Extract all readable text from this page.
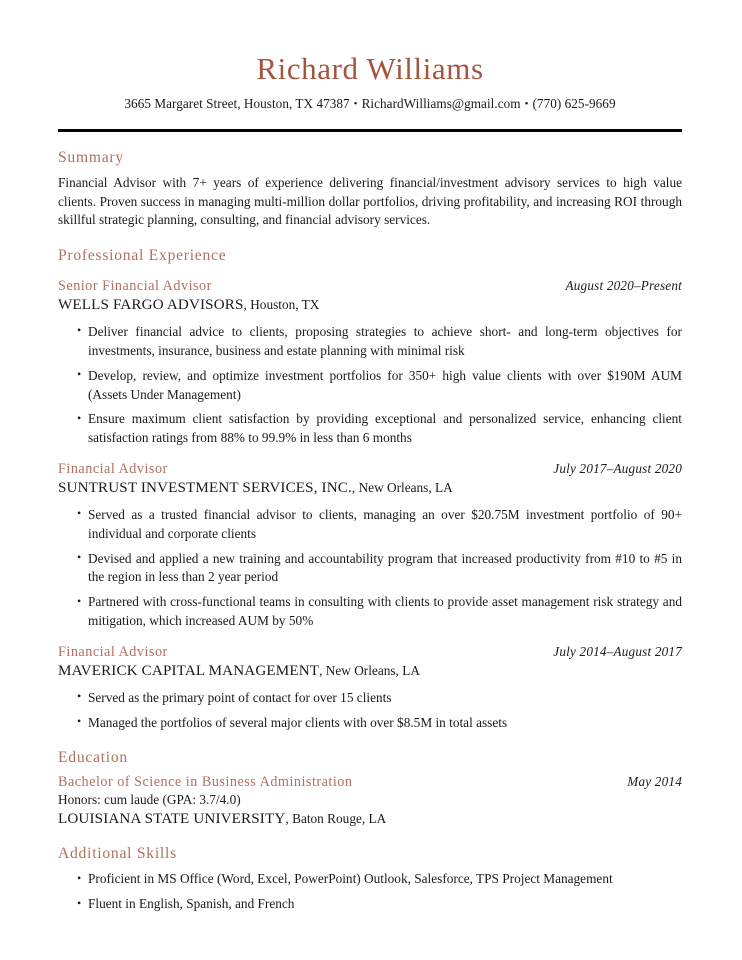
Richard Williams
3665 Margaret Street, Houston, TX 47387 • RichardWilliams@gmail.com • (770) 625-9669
Summary

Financial Advisor with 7+ years of experience delivering financial/investment advisory services to high value clients. Proven success in managing multi-million dollar portfolios, driving profitability, and increasing ROI through skillful strategic planning, consulting, and financial advisory services.

Professional Experience
Senior Financial Advisor	August 2020–Present
WELLS FARGO ADVISORS, Houston, TX
• Deliver financial advice to clients, proposing strategies to achieve short- and long-term objectives for investments, insurance, business and estate planning with minimal risk
• Develop, review, and optimize investment portfolios for 350+ high value clients with over $190M AUM (Assets Under Management)
• Ensure maximum client satisfaction by providing exceptional and personalized service, enhancing client satisfaction ratings from 88% to 99.9% in less than 6 months
Financial Advisor	July 2017–August 2020
SUNTRUST INVESTMENT SERVICES, INC., New Orleans, LA
• Served as a trusted financial advisor to clients, managing an over $20.75M investment portfolio of 90+ individual and corporate clients
• Devised and applied a new training and accountability program that increased productivity from #10 to #5 in the region in less than 2 year period
• Partnered with cross-functional teams in consulting with clients to provide asset management risk strategy and mitigation, which increased AUM by 50%
Financial Advisor	July 2014–August 2017
MAVERICK CAPITAL MANAGEMENT, New Orleans, LA
• Served as the primary point of contact for over 15 clients
• Managed the portfolios of several major clients with over $8.5M in total assets
Education
Bachelor of Science in Business Administration	May 2014
Honors: cum laude (GPA: 3.7/4.0)
LOUISIANA STATE UNIVERSITY, Baton Rouge, LA
Additional Skills
• Proficient in MS Office (Word, Excel, PowerPoint) Outlook, Salesforce, TPS Project Management
• Fluent in English, Spanish, and French
